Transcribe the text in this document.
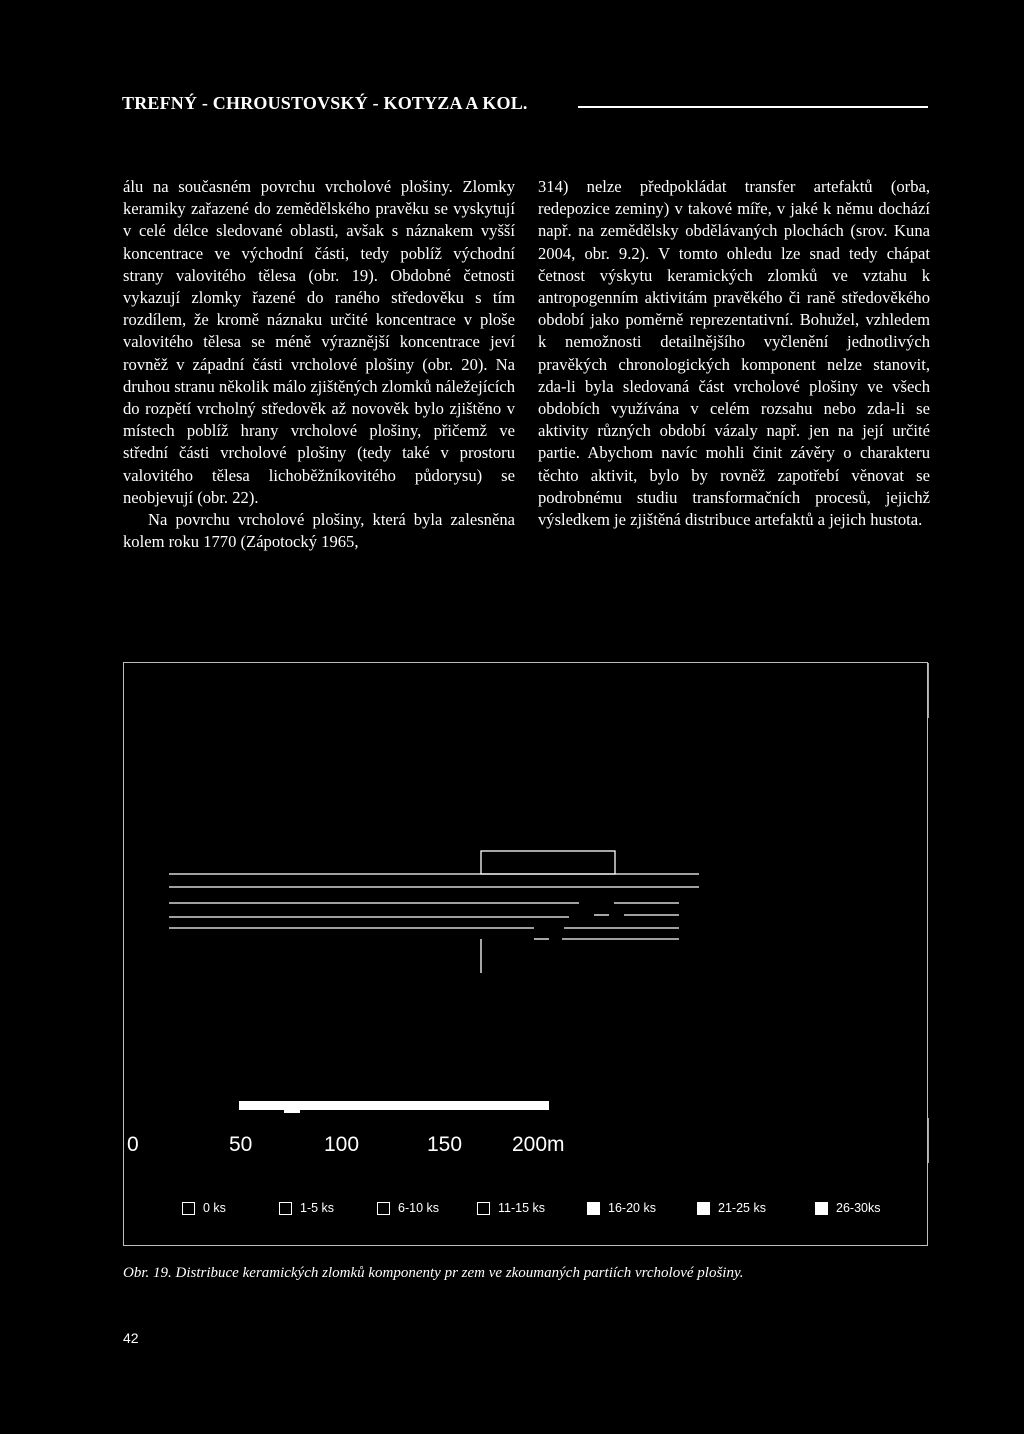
TREFNÝ - CHROUSTOVSKÝ - KOTYZA A KOL.

álu na současném povrchu vrcholové plošiny. Zlomky keramiky zařazené do zemědělského pravěku se vyskytují v celé délce sledované oblasti, avšak s náznakem vyšší koncentrace ve východní části, tedy poblíž východní strany valovitého tělesa (obr. 19). Obdobné četnosti vykazují zlomky řazené do raného středověku s tím rozdílem, že kromě náznaku určité koncentrace v ploše valovitého tělesa se méně výraznější koncentrace jeví rovněž v západní části vrcholové plošiny (obr. 20). Na druhou stranu několik málo zjištěných zlomků náležejících do rozpětí vrcholný středověk až novověk bylo zjištěno v místech poblíž hrany vrcholové plošiny, přičemž ve střední části vrcholové plošiny (tedy také v prostoru valovitého tělesa lichoběžníkovitého půdorysu) se neobjevují (obr. 22).

Na povrchu vrcholové plošiny, která byla zalesněna kolem roku 1770 (Zápotocký 1965,

314) nelze předpokládat transfer artefaktů (orba, redepozice zeminy) v takové míře, v jaké k němu dochází např. na zemědělsky obdělávaných plochách (srov. Kuna 2004, obr. 9.2). V tomto ohledu lze snad tedy chápat četnost výskytu keramických zlomků ve vztahu k antropogenním aktivitám pravěkého či raně středověkého období jako poměrně reprezentativní. Bohužel, vzhledem k nemožnosti detailnějšího vyčlenění jednotlivých pravěkých chronologických komponent nelze stanovit, zda-li byla sledovaná část vrcholové plošiny ve všech obdobích využívána v celém rozsahu nebo zda-li se aktivity různých období vázaly např. jen na její určité partie. Abychom navíc mohli činit závěry o charakteru těchto aktivit, bylo by rovněž zapotřebí věnovat se podrobnému studiu transformačních procesů, jejichž výsledkem je zjištěná distribuce artefaktů a jejich hustota.

0	50	100	150 200m
0 ks	1-5 ks	6-10 ks	11-15 ks	16-20 ks	21-25 ks	26-30ks
Obr. 19. Distribuce keramických zlomků komponenty pr zem ve zkoumaných partiích vrcholové plošiny.
42
